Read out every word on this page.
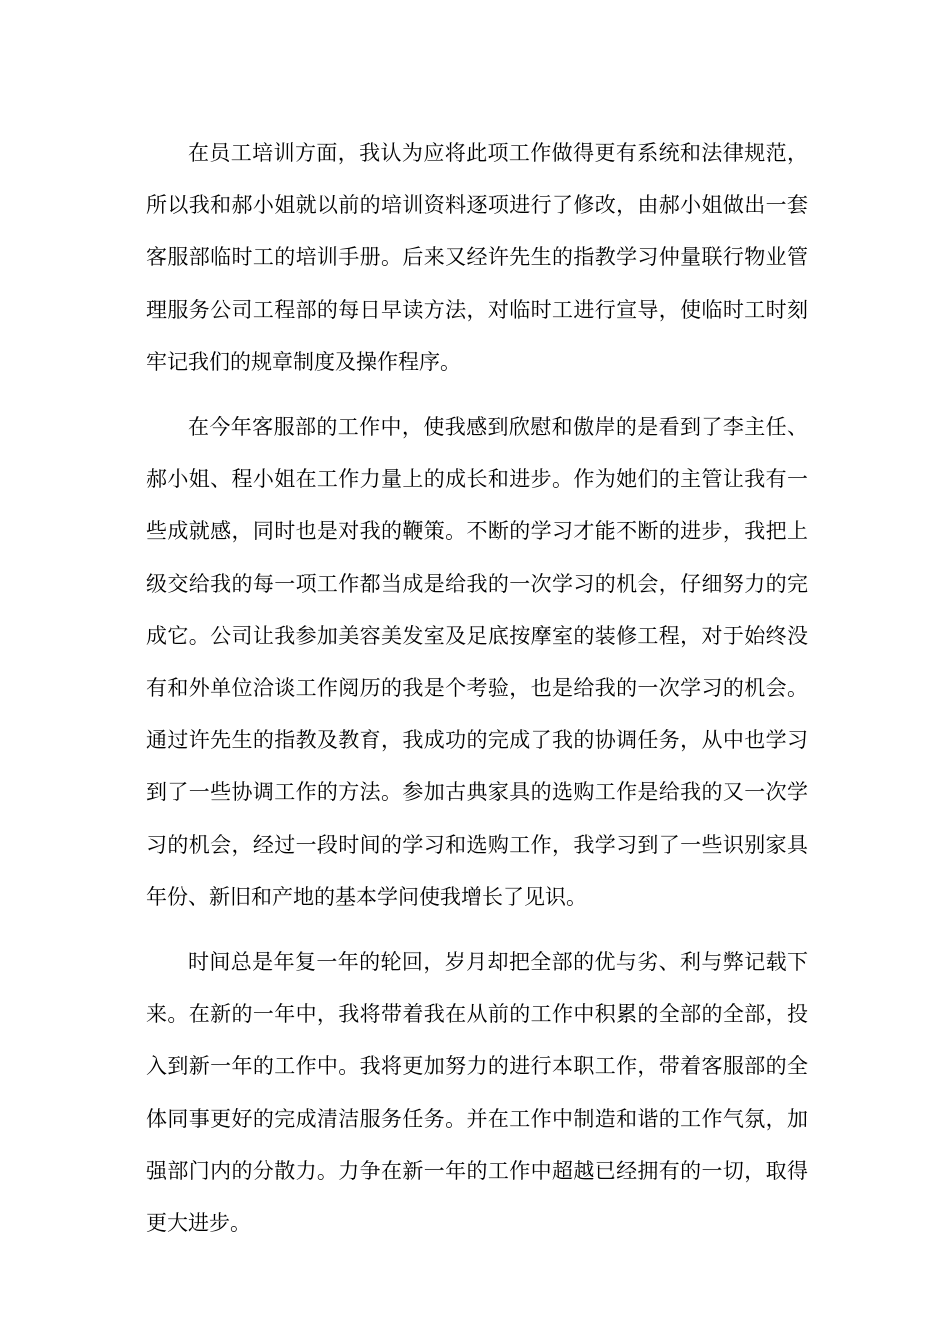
在员工培训方面，我认为应将此项工作做得更有系统和法律规范，所以我和郝小姐就以前的培训资料逐项进行了修改，由郝小姐做出一套客服部临时工的培训手册。后来又经许先生的指教学习仲量联行物业管理服务公司工程部的每日早读方法，对临时工进行宣导，使临时工时刻牢记我们的规章制度及操作程序。

在今年客服部的工作中，使我感到欣慰和傲岸的是看到了李主任、郝小姐、程小姐在工作力量上的成长和进步。作为她们的主管让我有一些成就感，同时也是对我的鞭策。不断的学习才能不断的进步，我把上级交给我的每一项工作都当成是给我的一次学习的机会，仔细努力的完成它。公司让我参加美容美发室及足底按摩室的装修工程，对于始终没有和外单位洽谈工作阅历的我是个考验，也是给我的一次学习的机会。通过许先生的指教及教育，我成功的完成了我的协调任务，从中也学习到了一些协调工作的方法。参加古典家具的选购工作是给我的又一次学习的机会，经过一段时间的学习和选购工作，我学习到了一些识别家具年份、新旧和产地的基本学问使我增长了见识。

时间总是年复一年的轮回，岁月却把全部的优与劣、利与弊记载下来。在新的一年中，我将带着我在从前的工作中积累的全部的全部，投入到新一年的工作中。我将更加努力的进行本职工作，带着客服部的全体同事更好的完成清洁服务任务。并在工作中制造和谐的工作气氛，加强部门内的分散力。力争在新一年的工作中超越已经拥有的一切，取得更大进步。
